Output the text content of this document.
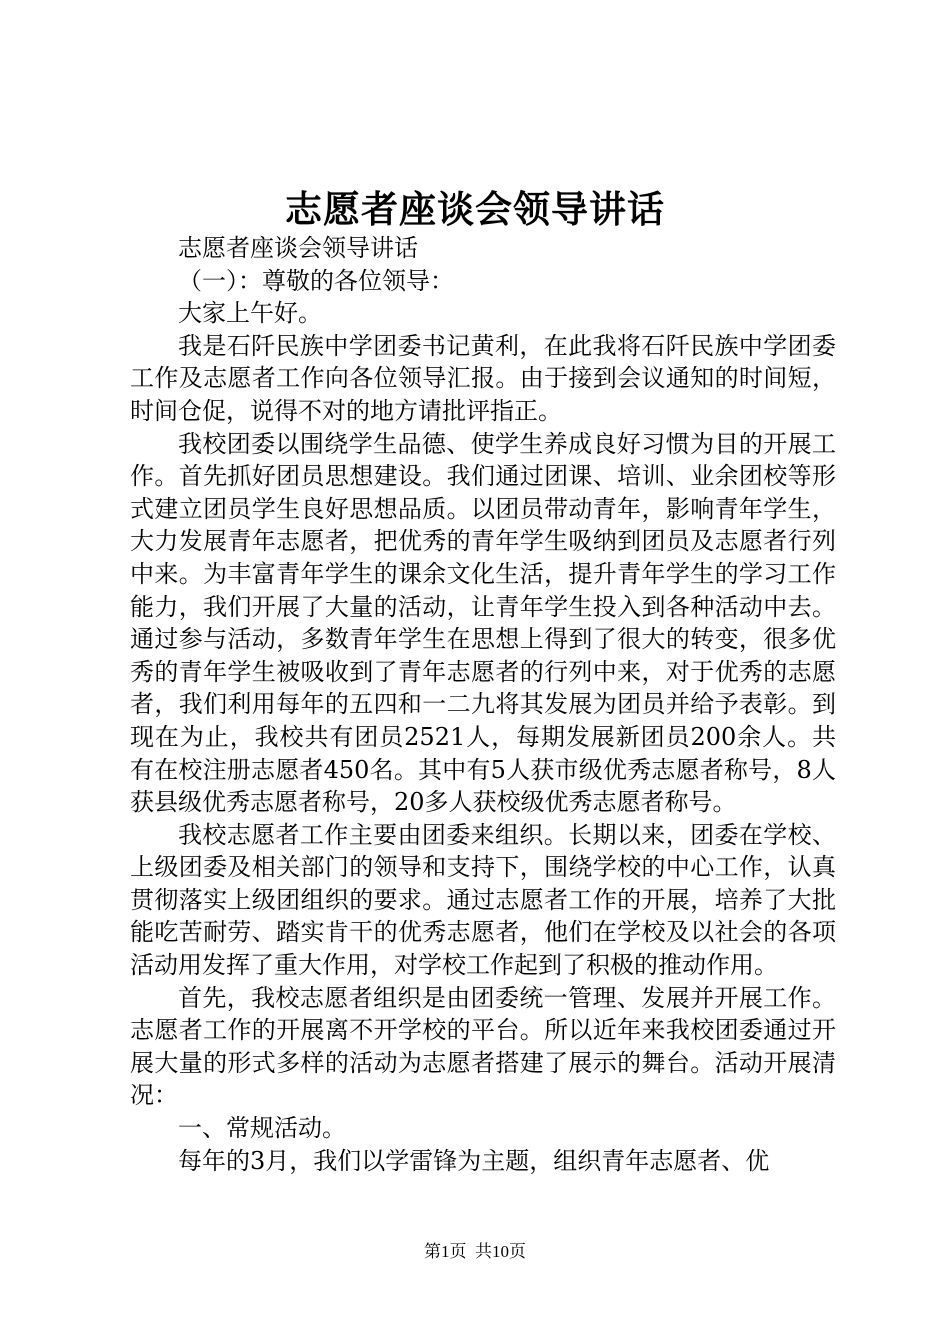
志愿者座谈会领导讲话

志愿者座谈会领导讲话

（一）：尊敬的各位领导：

大家上午好。

我是石阡民族中学团委书记黄利，在此我将石阡民族中学团委工作及志愿者工作向各位领导汇报。由于接到会议通知的时间短，时间仓促，说得不对的地方请批评指正。

我校团委以围绕学生品德、使学生养成良好习惯为目的开展工作。首先抓好团员思想建设。我们通过团课、培训、业余团校等形式建立团员学生良好思想品质。以团员带动青年，影响青年学生，大力发展青年志愿者，把优秀的青年学生吸纳到团员及志愿者行列中来。为丰富青年学生的课余文化生活，提升青年学生的学习工作能力，我们开展了大量的活动，让青年学生投入到各种活动中去。通过参与活动，多数青年学生在思想上得到了很大的转变，很多优秀的青年学生被吸收到了青年志愿者的行列中来，对于优秀的志愿者，我们利用每年的五四和一二九将其发展为团员并给予表彰。到现在为止，我校共有团员2521人，每期发展新团员200余人。共有在校注册志愿者450名。其中有5人获市级优秀志愿者称号，8人获县级优秀志愿者称号，20多人获校级优秀志愿者称号。

我校志愿者工作主要由团委来组织。长期以来，团委在学校、上级团委及相关部门的领导和支持下，围绕学校的中心工作，认真贯彻落实上级团组织的要求。通过志愿者工作的开展，培养了大批能吃苦耐劳、踏实肯干的优秀志愿者，他们在学校及以社会的各项活动用发挥了重大作用，对学校工作起到了积极的推动作用。

首先，我校志愿者组织是由团委统一管理、发展并开展工作。志愿者工作的开展离不开学校的平台。所以近年来我校团委通过开展大量的形式多样的活动为志愿者搭建了展示的舞台。活动开展清况：

一、常规活动。

每年的3月，我们以学雷锋为主题，组织青年志愿者、优

第1页  共10页
